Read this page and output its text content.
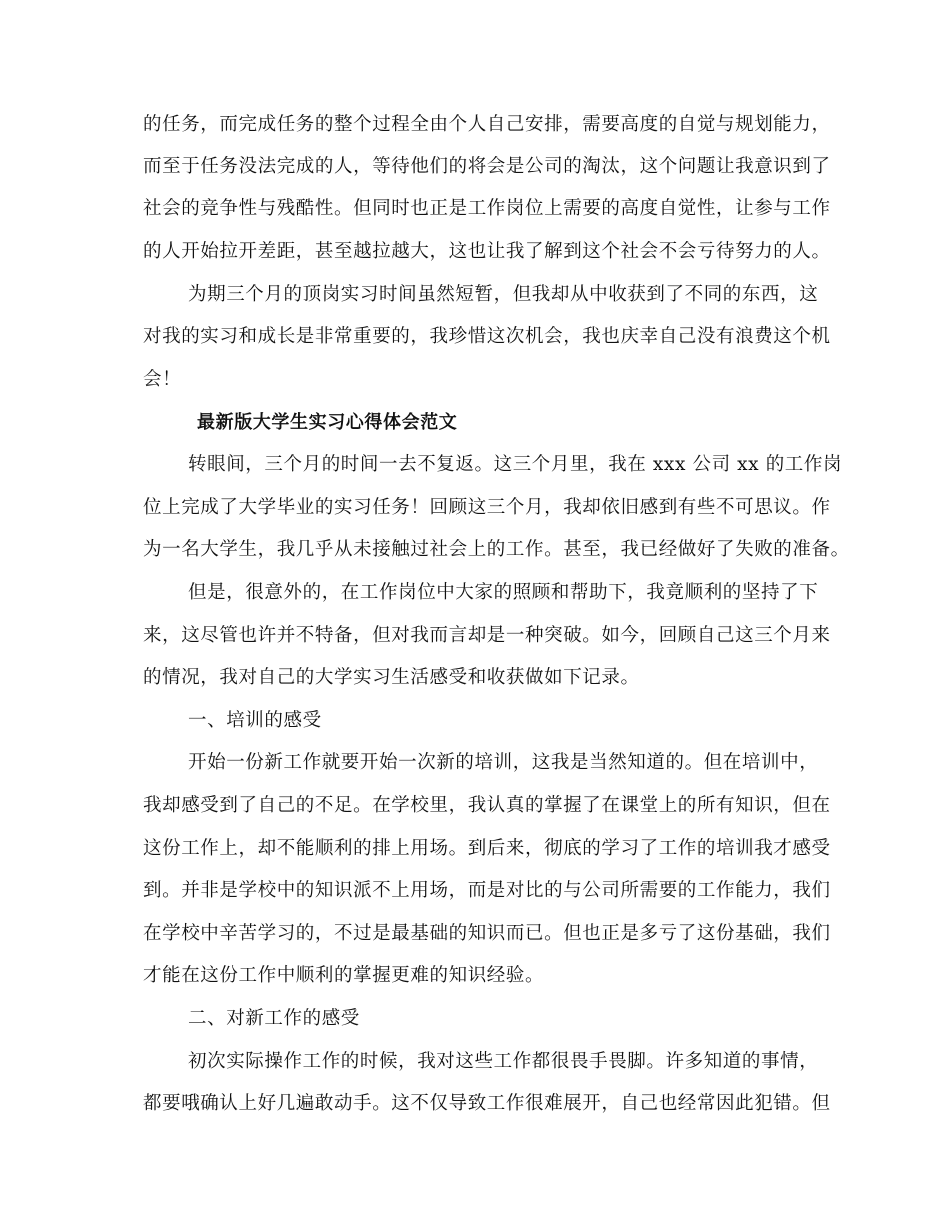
的任务，而完成任务的整个过程全由个人自己安排，需要高度的自觉与规划能力，
而至于任务没法完成的人，等待他们的将会是公司的淘汰，这个问题让我意识到了
社会的竞争性与残酷性。但同时也正是工作岗位上需要的高度自觉性，让参与工作
的人开始拉开差距，甚至越拉越大，这也让我了解到这个社会不会亏待努力的人。
为期三个月的顶岗实习时间虽然短暂，但我却从中收获到了不同的东西，这
对我的实习和成长是非常重要的，我珍惜这次机会，我也庆幸自己没有浪费这个机
会！
最新版大学生实习心得体会范文
转眼间，三个月的时间一去不复返。这三个月里，我在 xxx 公司 xx 的工作岗
位上完成了大学毕业的实习任务！回顾这三个月，我却依旧感到有些不可思议。作
为一名大学生，我几乎从未接触过社会上的工作。甚至，我已经做好了失败的准备。
但是，很意外的，在工作岗位中大家的照顾和帮助下，我竟顺利的坚持了下
来，这尽管也许并不特备，但对我而言却是一种突破。如今，回顾自己这三个月来
的情况，我对自己的大学实习生活感受和收获做如下记录。
一、培训的感受
开始一份新工作就要开始一次新的培训，这我是当然知道的。但在培训中，
我却感受到了自己的不足。在学校里，我认真的掌握了在课堂上的所有知识，但在
这份工作上，却不能顺利的排上用场。到后来，彻底的学习了工作的培训我才感受
到。并非是学校中的知识派不上用场，而是对比的与公司所需要的工作能力，我们
在学校中辛苦学习的，不过是最基础的知识而已。但也正是多亏了这份基础，我们
才能在这份工作中顺利的掌握更难的知识经验。
二、对新工作的感受
初次实际操作工作的时候，我对这些工作都很畏手畏脚。许多知道的事情，
都要哦确认上好几遍敢动手。这不仅导致工作很难展开，自己也经常因此犯错。但
